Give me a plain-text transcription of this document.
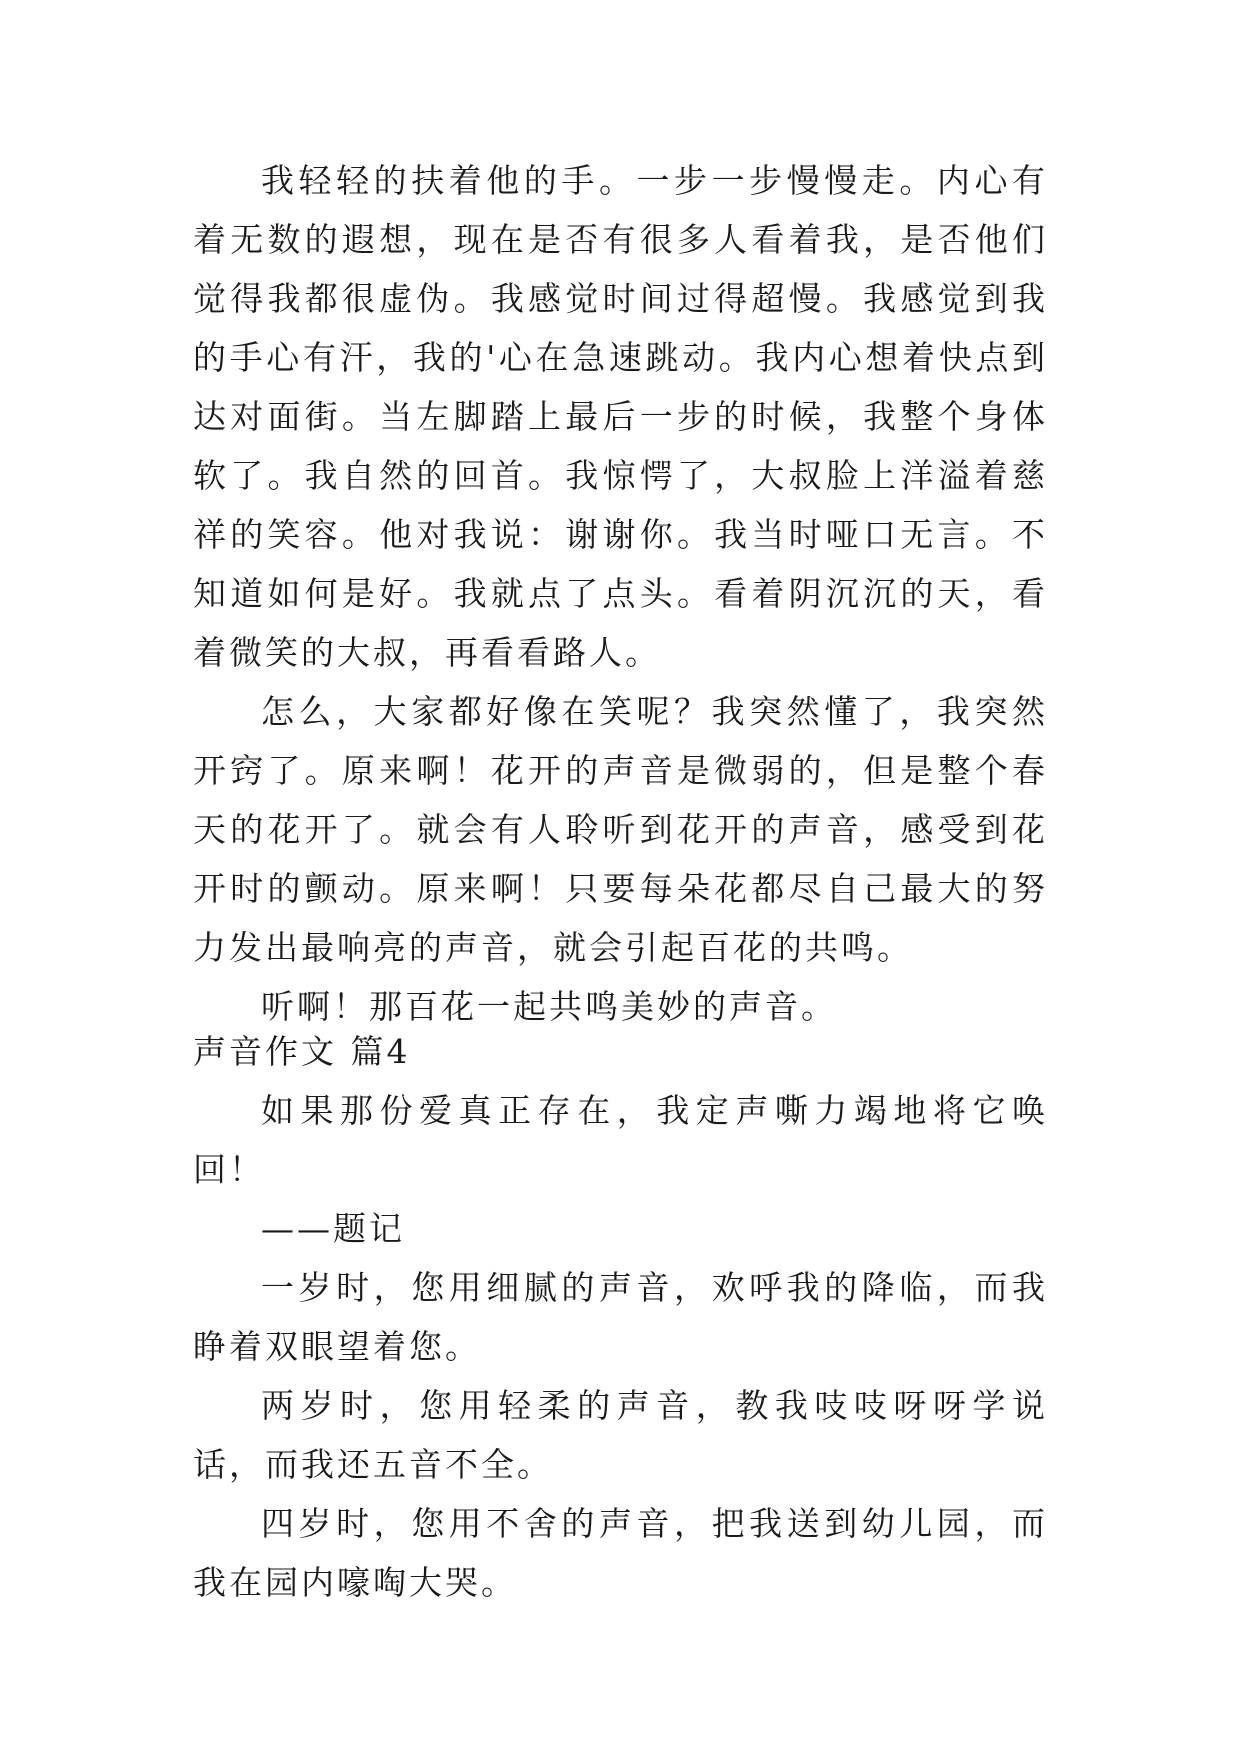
我轻轻的扶着他的手。一步一步慢慢走。内心有着无数的遐想，现在是否有很多人看着我，是否他们觉得我都很虚伪。我感觉时间过得超慢。我感觉到我的手心有汗，我的'心在急速跳动。我内心想着快点到达对面街。当左脚踏上最后一步的时候，我整个身体软了。我自然的回首。我惊愕了，大叔脸上洋溢着慈祥的笑容。他对我说：谢谢你。我当时哑口无言。不知道如何是好。我就点了点头。看着阴沉沉的天，看着微笑的大叔，再看看路人。

怎么，大家都好像在笑呢？我突然懂了，我突然开窍了。原来啊！花开的声音是微弱的，但是整个春天的花开了。就会有人聆听到花开的声音，感受到花开时的颤动。原来啊！只要每朵花都尽自己最大的努力发出最响亮的声音，就会引起百花的共鸣。

听啊！那百花一起共鸣美妙的声音。

声音作文 篇4

如果那份爱真正存在，我定声嘶力竭地将它唤回！

——题记

一岁时，您用细腻的声音，欢呼我的降临，而我睁着双眼望着您。

两岁时，您用轻柔的声音，教我吱吱呀呀学说话，而我还五音不全。

四岁时，您用不舍的声音，把我送到幼儿园，而我在园内嚎啕大哭。
